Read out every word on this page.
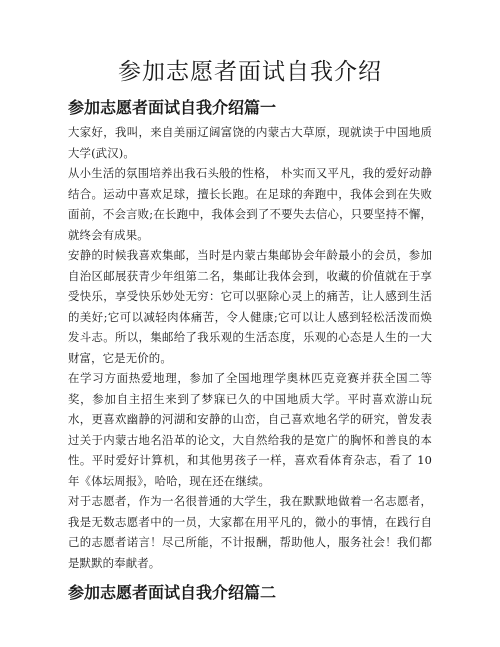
参加志愿者面试自我介绍
参加志愿者面试自我介绍篇一

大家好，我叫，来自美丽辽阔富饶的内蒙古大草原，现就读于中国地质大学(武汉)。

从小生活的氛围培养出我石头般的性格， 朴实而又平凡，我的爱好动静结合。运动中喜欢足球，擅长长跑。在足球的奔跑中，我体会到在失败面前，不会言败;在长跑中，我体会到了不要失去信心，只要坚持不懈，就终会有成果。

安静的时候我喜欢集邮，当时是内蒙古集邮协会年龄最小的会员，参加自治区邮展获青少年组第二名，集邮让我体会到，收藏的价值就在于享受快乐，享受快乐妙处无穷：它可以驱除心灵上的痛苦，让人感到生活的美好;它可以减轻肉体痛苦，令人健康;它可以让人感到轻松活泼而焕发斗志。所以，集邮给了我乐观的生活态度，乐观的心态是人生的一大财富，它是无价的。

在学习方面热爱地理，参加了全国地理学奥林匹克竞赛并获全国二等奖，参加自主招生来到了梦寐已久的中国地质大学。平时喜欢游山玩水，更喜欢幽静的河湖和安静的山峦，自己喜欢地名学的研究，曾发表过关于内蒙古地名沿革的论文，大自然给我的是宽广的胸怀和善良的本性。平时爱好计算机，和其他男孩子一样，喜欢看体育杂志，看了 10 年《体坛周报》，哈哈，现在还在继续。

对于志愿者，作为一名很普通的大学生，我在默默地做着一名志愿者，我是无数志愿者中的一员，大家都在用平凡的，微小的事情，在践行自己的志愿者诺言！尽己所能，不计报酬，帮助他人，服务社会！我们都是默默的奉献者。

参加志愿者面试自我介绍篇二
